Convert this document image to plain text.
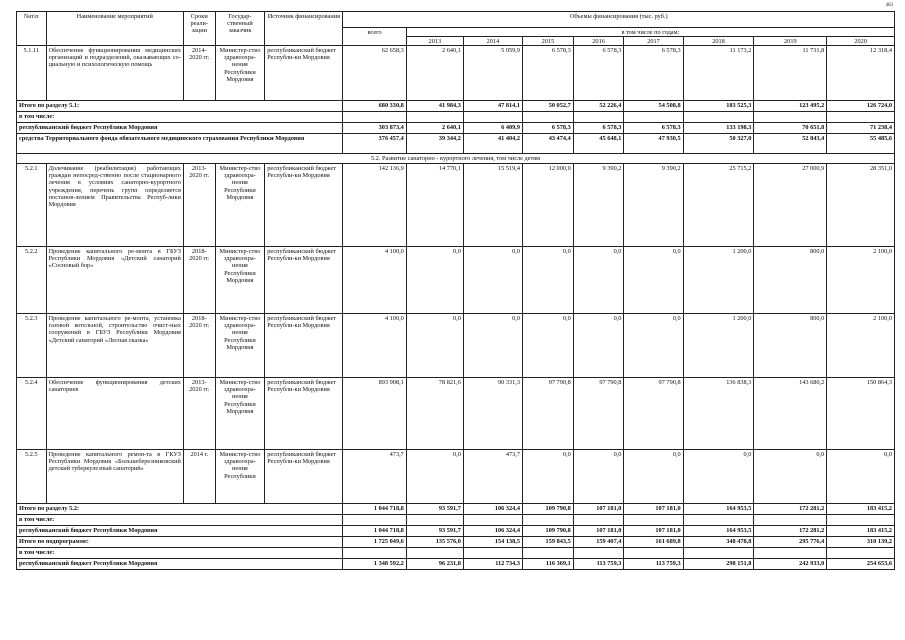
463
№п\п	Наименование мероприятий	Сроки реали-зации	Государ-ственный заказчик	Источник финансирования	Объемы финансирования (тыс. руб.)								
					всего	в том числе по годам:							
						2013	2014	2015	2016	2017	2018	2019	2020
5.1.11	Обеспечение функционирования медицинских организаций и подразделений, оказывающих со-циальную и психологическую помощь	2014-2020 гг.	Министер-ство здравоохра-нения Республики Мордовия	республиканский бюджет Республи-ки Мордовия	62 658,3	2 640,1	5 059,9	6 578,3	6 578,3	6 578,3	11 173,2	11 731,8	12 318,4
Итого по разделу 5.1:					680 330,8	41 984,3	47 814,1	50 052,7	52 226,4	54 508,8	183 525,3	123 495,2	126 724,0
в том числе:													
республиканский бюджет Республики Мордовия					303 873,4	2 640,1	6 409,9	6 578,3	6 578,3	6 578,3	133 198,3	70 651,8	71 238,4
средства Территориального фонда обязательного медицинского страхования Республики Мордовия					376 457,4	39 344,2	41 404,2	43 474,4	45 648,1	47 930,5	50 327,0	52 843,4	55 485,6
5.2. Развитие санаторно - курортного лечения, том числе детям													
5.2.1	Долечивание (реабилитация) работающих граждан непосред-ственно после стационарного лечения в условиях санаторно-курортного учреждения, перечень групп определяется постанов-лением Правительства Респуб-лики Мордовия	2013-2020 гг.	Министер-ство здравоохра-нения Республики Мордовия	республиканский бюджет Республи-ки Мордовия	142 136,9	14 770,1	15 519,4	12 000,0	9 390,2	9 390,2	25 715,2	27 000,9	28 351,0
5.2.2	Проведение капитального ре-монта в ГБУЗ Республики Мордовия «Детский санаторий «Сосновый бор»	2018-2020 гг.	Министер-ство здравоохра-нения Республики Мордовия	республиканский бюджет Республи-ки Мордовия	4 100,0	0,0	0,0	0,0	0,0	0,0	1 200,0	800,0	2 100,0
5.2.3	Проведение капитального ре-монта, установка газовой котельной, строительство очист-ных сооружений в ГБУЗ Республики Мордовия «Детский санаторий «Лесная сказка»	2018-2020 гг.	Министер-ство здравоохра-нения Республики Мордовия	республиканский бюджет Республи-ки Мордовия	4 100,0	0,0	0,0	0,0	0,0	0,0	1 200,0	800,0	2 100,0
5.2.4	Обеспечение функционирования детских санаториев	2013-2020 гг.	Министер-ство здравоохра-нения Республики Мордовия	республиканский бюджет Республи-ки Мордовия	893 908,1	78 821,6	90 331,3	97 790,8	97 790,8	97 790,8	136 838,3	143 680,2	150 864,3
5.2.5	Проведение капитального ремон-та в ГКУЗ Республики Мордовия «Большеберезниковский детский туберкулезный санаторий»	2014 г.	Министер-ство здравоохра-нения Республики	республиканский бюджет Республи-ки Мордовия	473,7	0,0	473,7	0,0	0,0	0,0	0,0	0,0	0,0
Итого по разделу 5.2:					1 044 718,8	93 591,7	106 324,4	109 790,8	107 181,0	107 181,0	164 953,5	172 281,2	183 415,2
в том числе:													
республиканский бюджет Республики Мордовия					1 044 718,8	93 591,7	106 324,4	109 790,8	107 181,0	107 181,0	164 953,5	172 281,2	183 415,2
Итого по подпрограмме:					1 725 049,6	135 576,0	154 138,5	159 843,5	159 407,4	161 689,8	348 478,8	295 776,4	310 139,2
в том числе:													
республиканский бюджет Республики Мордовия					1 348 592,2	96 231,8	112 734,3	116 369,1	113 759,3	113 759,3	298 151,8	242 933,0	254 653,6
